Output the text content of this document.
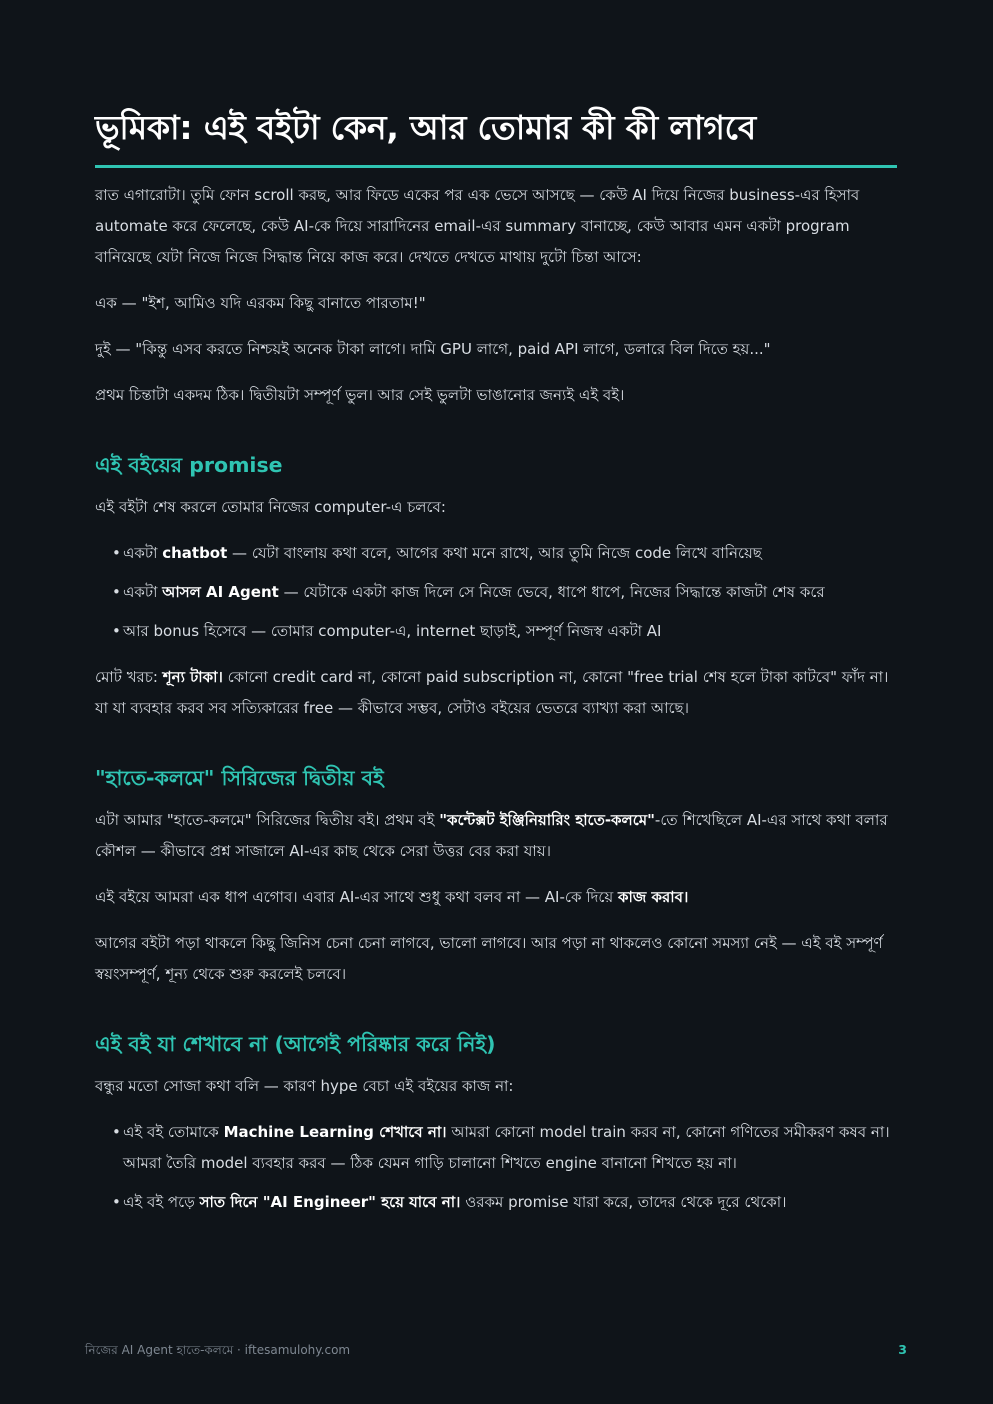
ভূমিকা: এই বইটা কেন, আর তোমার কী কী লাগবে

রাত এগারোটা। তুমি ফোন scroll করছ, আর ফিডে একের পর এক ভেসে আসছে — কেউ AI দিয়ে নিজের business-এর হিসাব automate করে ফেলেছে, কেউ AI-কে দিয়ে সারাদিনের email-এর summary বানাচ্ছে, কেউ আবার এমন একটা program বানিয়েছে যেটা নিজে নিজে সিদ্ধান্ত নিয়ে কাজ করে। দেখতে দেখতে মাথায় দুটো চিন্তা আসে:

এক — "ইশ, আমিও যদি এরকম কিছু বানাতে পারতাম!"

দুই — "কিন্তু এসব করতে নিশ্চয়ই অনেক টাকা লাগে। দামি GPU লাগে, paid API লাগে, ডলারে বিল দিতে হয়..."

প্রথম চিন্তাটা একদম ঠিক। দ্বিতীয়টা সম্পূর্ণ ভুল। আর সেই ভুলটা ভাঙানোর জন্যই এই বই।

এই বইয়ের promise

এই বইটা শেষ করলে তোমার নিজের computer-এ চলবে:

• একটা chatbot — যেটা বাংলায় কথা বলে, আগের কথা মনে রাখে, আর তুমি নিজে code লিখে বানিয়েছ
• একটা আসল AI Agent — যেটাকে একটা কাজ দিলে সে নিজে ভেবে, ধাপে ধাপে, নিজের সিদ্ধান্তে কাজটা শেষ করে
• আর bonus হিসেবে — তোমার computer-এ, internet ছাড়াই, সম্পূর্ণ নিজস্ব একটা AI

মোট খরচ: শূন্য টাকা। কোনো credit card না, কোনো paid subscription না, কোনো "free trial শেষ হলে টাকা কাটবে" ফাঁদ না। যা যা ব্যবহার করব সব সত্যিকারের free — কীভাবে সম্ভব, সেটাও বইয়ের ভেতরে ব্যাখ্যা করা আছে।

"হাতে-কলমে" সিরিজের দ্বিতীয় বই

এটা আমার "হাতে-কলমে" সিরিজের দ্বিতীয় বই। প্রথম বই "কন্টেক্সট ইঞ্জিনিয়ারিং হাতে-কলমে"-তে শিখেছিলে AI-এর সাথে কথা বলার কৌশল — কীভাবে প্রশ্ন সাজালে AI-এর কাছ থেকে সেরা উত্তর বের করা যায়।

এই বইয়ে আমরা এক ধাপ এগোব। এবার AI-এর সাথে শুধু কথা বলব না — AI-কে দিয়ে কাজ করাব।

আগের বইটা পড়া থাকলে কিছু জিনিস চেনা চেনা লাগবে, ভালো লাগবে। আর পড়া না থাকলেও কোনো সমস্যা নেই — এই বই সম্পূর্ণ স্বয়ংসম্পূর্ণ, শূন্য থেকে শুরু করলেই চলবে।

এই বই যা শেখাবে না (আগেই পরিষ্কার করে নিই)

বন্ধুর মতো সোজা কথা বলি — কারণ hype বেচা এই বইয়ের কাজ না:

• এই বই তোমাকে Machine Learning শেখাবে না। আমরা কোনো model train করব না, কোনো গণিতের সমীকরণ কষব না। আমরা তৈরি model ব্যবহার করব — ঠিক যেমন গাড়ি চালানো শিখতে engine বানানো শিখতে হয় না।
• এই বই পড়ে সাত দিনে "AI Engineer" হয়ে যাবে না। ওরকম promise যারা করে, তাদের থেকে দূরে থেকো।
নিজের AI Agent হাতে-কলমে · iftesamulohy.com	3
